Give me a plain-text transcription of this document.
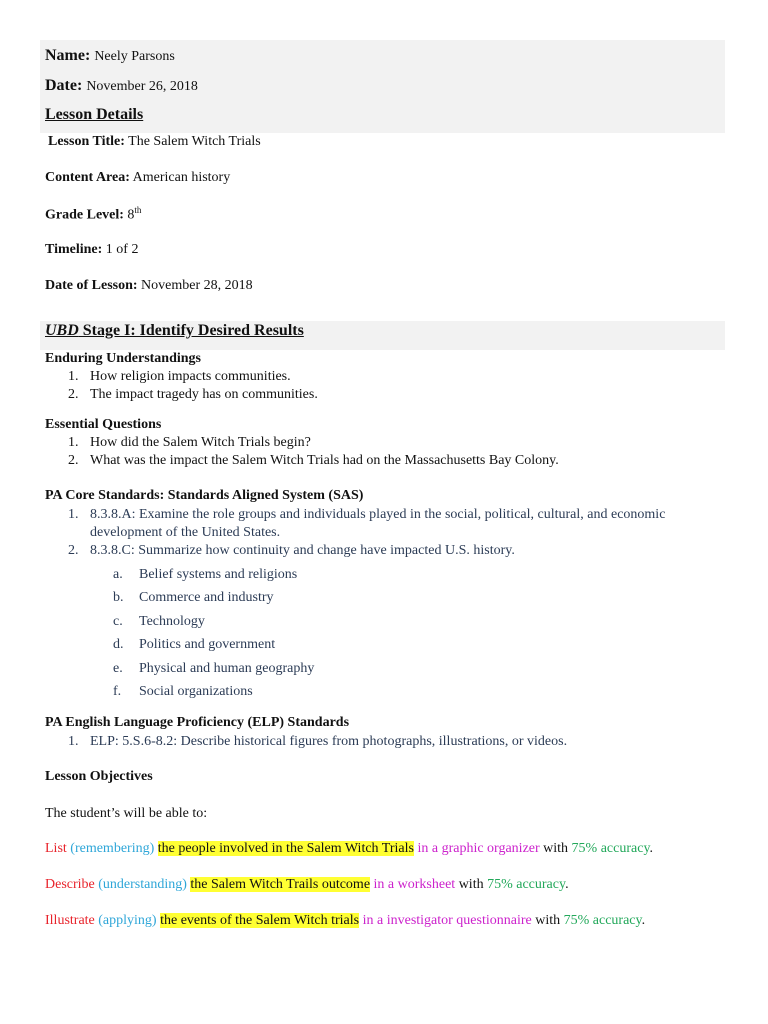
Name: Neely Parsons
Date: November 26, 2018
Lesson Details
Lesson Title: The Salem Witch Trials
Content Area: American history
Grade Level: 8th
Timeline: 1 of 2
Date of Lesson: November 28, 2018
UBD Stage I: Identify Desired Results
Enduring Understandings
1. How religion impacts communities.
2. The impact tragedy has on communities.
Essential Questions
1. How did the Salem Witch Trials begin?
2. What was the impact the Salem Witch Trials had on the Massachusetts Bay Colony.
PA Core Standards: Standards Aligned System (SAS)
1. 8.3.8.A: Examine the role groups and individuals played in the social, political, cultural, and economic
development of the United States.
2. 8.3.8.C: Summarize how continuity and change have impacted U.S. history.
a. Belief systems and religions
b. Commerce and industry
c. Technology
d. Politics and government
e. Physical and human geography
f. Social organizations
PA English Language Proficiency (ELP) Standards
1. ELP: 5.S.6-8.2: Describe historical figures from photographs, illustrations, or videos.
Lesson Objectives
The student’s will be able to:
List (remembering) the people involved in the Salem Witch Trials in a graphic organizer with 75% accuracy.
Describe (understanding) the Salem Witch Trails outcome in a worksheet with 75% accuracy.
Illustrate (applying) the events of the Salem Witch trials in a investigator questionnaire with 75% accuracy.
